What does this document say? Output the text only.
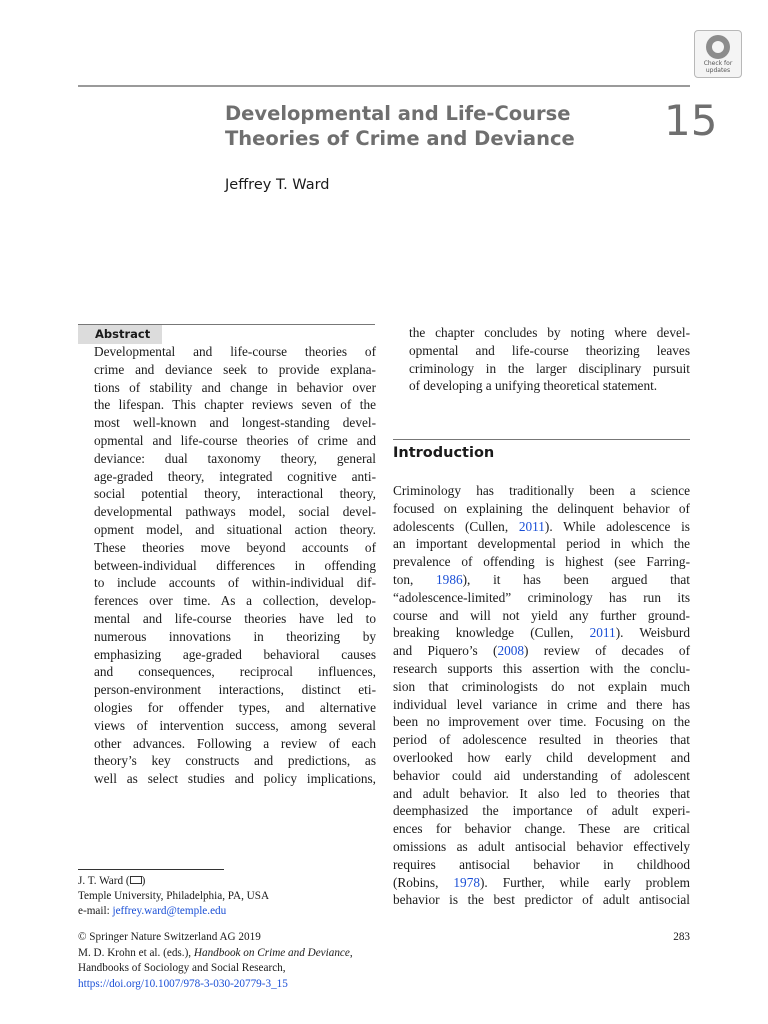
Check for
updates
Developmental and Life-Course
Theories of Crime and Deviance	15
Jeffrey T. Ward
Abstract

Developmental and life-course theories of

crime and deviance seek to provide explana-

tions of stability and change in behavior over

the lifespan. This chapter reviews seven of the

most well-known and longest-standing devel-

opmental and life-course theories of crime and

deviance: dual taxonomy theory, general

age-graded theory, integrated cognitive anti-

social potential theory, interactional theory,

developmental pathways model, social devel-

opment model, and situational action theory.

These theories move beyond accounts of

between-individual differences in offending

to include accounts of within-individual dif-

ferences over time. As a collection, develop-

mental and life-course theories have led to

numerous innovations in theorizing by

emphasizing age-graded behavioral causes

and consequences, reciprocal influences,

person-environment interactions, distinct eti-

ologies for offender types, and alternative

views of intervention success, among several

other advances. Following a review of each

theory’s key constructs and predictions, as

well as select studies and policy implications,

the chapter concludes by noting where devel-

opmental and life-course theorizing leaves

criminology in the larger disciplinary pursuit

of developing a unifying theoretical statement.

Introduction

Criminology has traditionally been a science

focused on explaining the delinquent behavior of

adolescents (Cullen, 2011). While adolescence is

an important developmental period in which the

prevalence of offending is highest (see Farring-

ton, 1986), it has been argued that

“adolescence-limited” criminology has run its

course and will not yield any further ground-

breaking knowledge (Cullen, 2011). Weisburd

and Piquero’s (2008) review of decades of

research supports this assertion with the conclu-

sion that criminologists do not explain much

individual level variance in crime and there has

been no improvement over time. Focusing on the

period of adolescence resulted in theories that

overlooked how early child development and

behavior could aid understanding of adolescent

and adult behavior. It also led to theories that

deemphasized the importance of adult experi-

ences for behavior change. These are critical

omissions as adult antisocial behavior effectively

requires antisocial behavior in childhood

(Robins, 1978). Further, while early problem

behavior is the best predictor of adult antisocial

J. T. Ward ( )
Temple University, Philadelphia, PA, USA
e-mail: jeffrey.ward@temple.edu
© Springer Nature Switzerland AG 2019
M. D. Krohn et al. (eds.), Handbook on Crime and Deviance,
Handbooks of Sociology and Social Research,
https://doi.org/10.1007/978-3-030-20779-3_15
283
